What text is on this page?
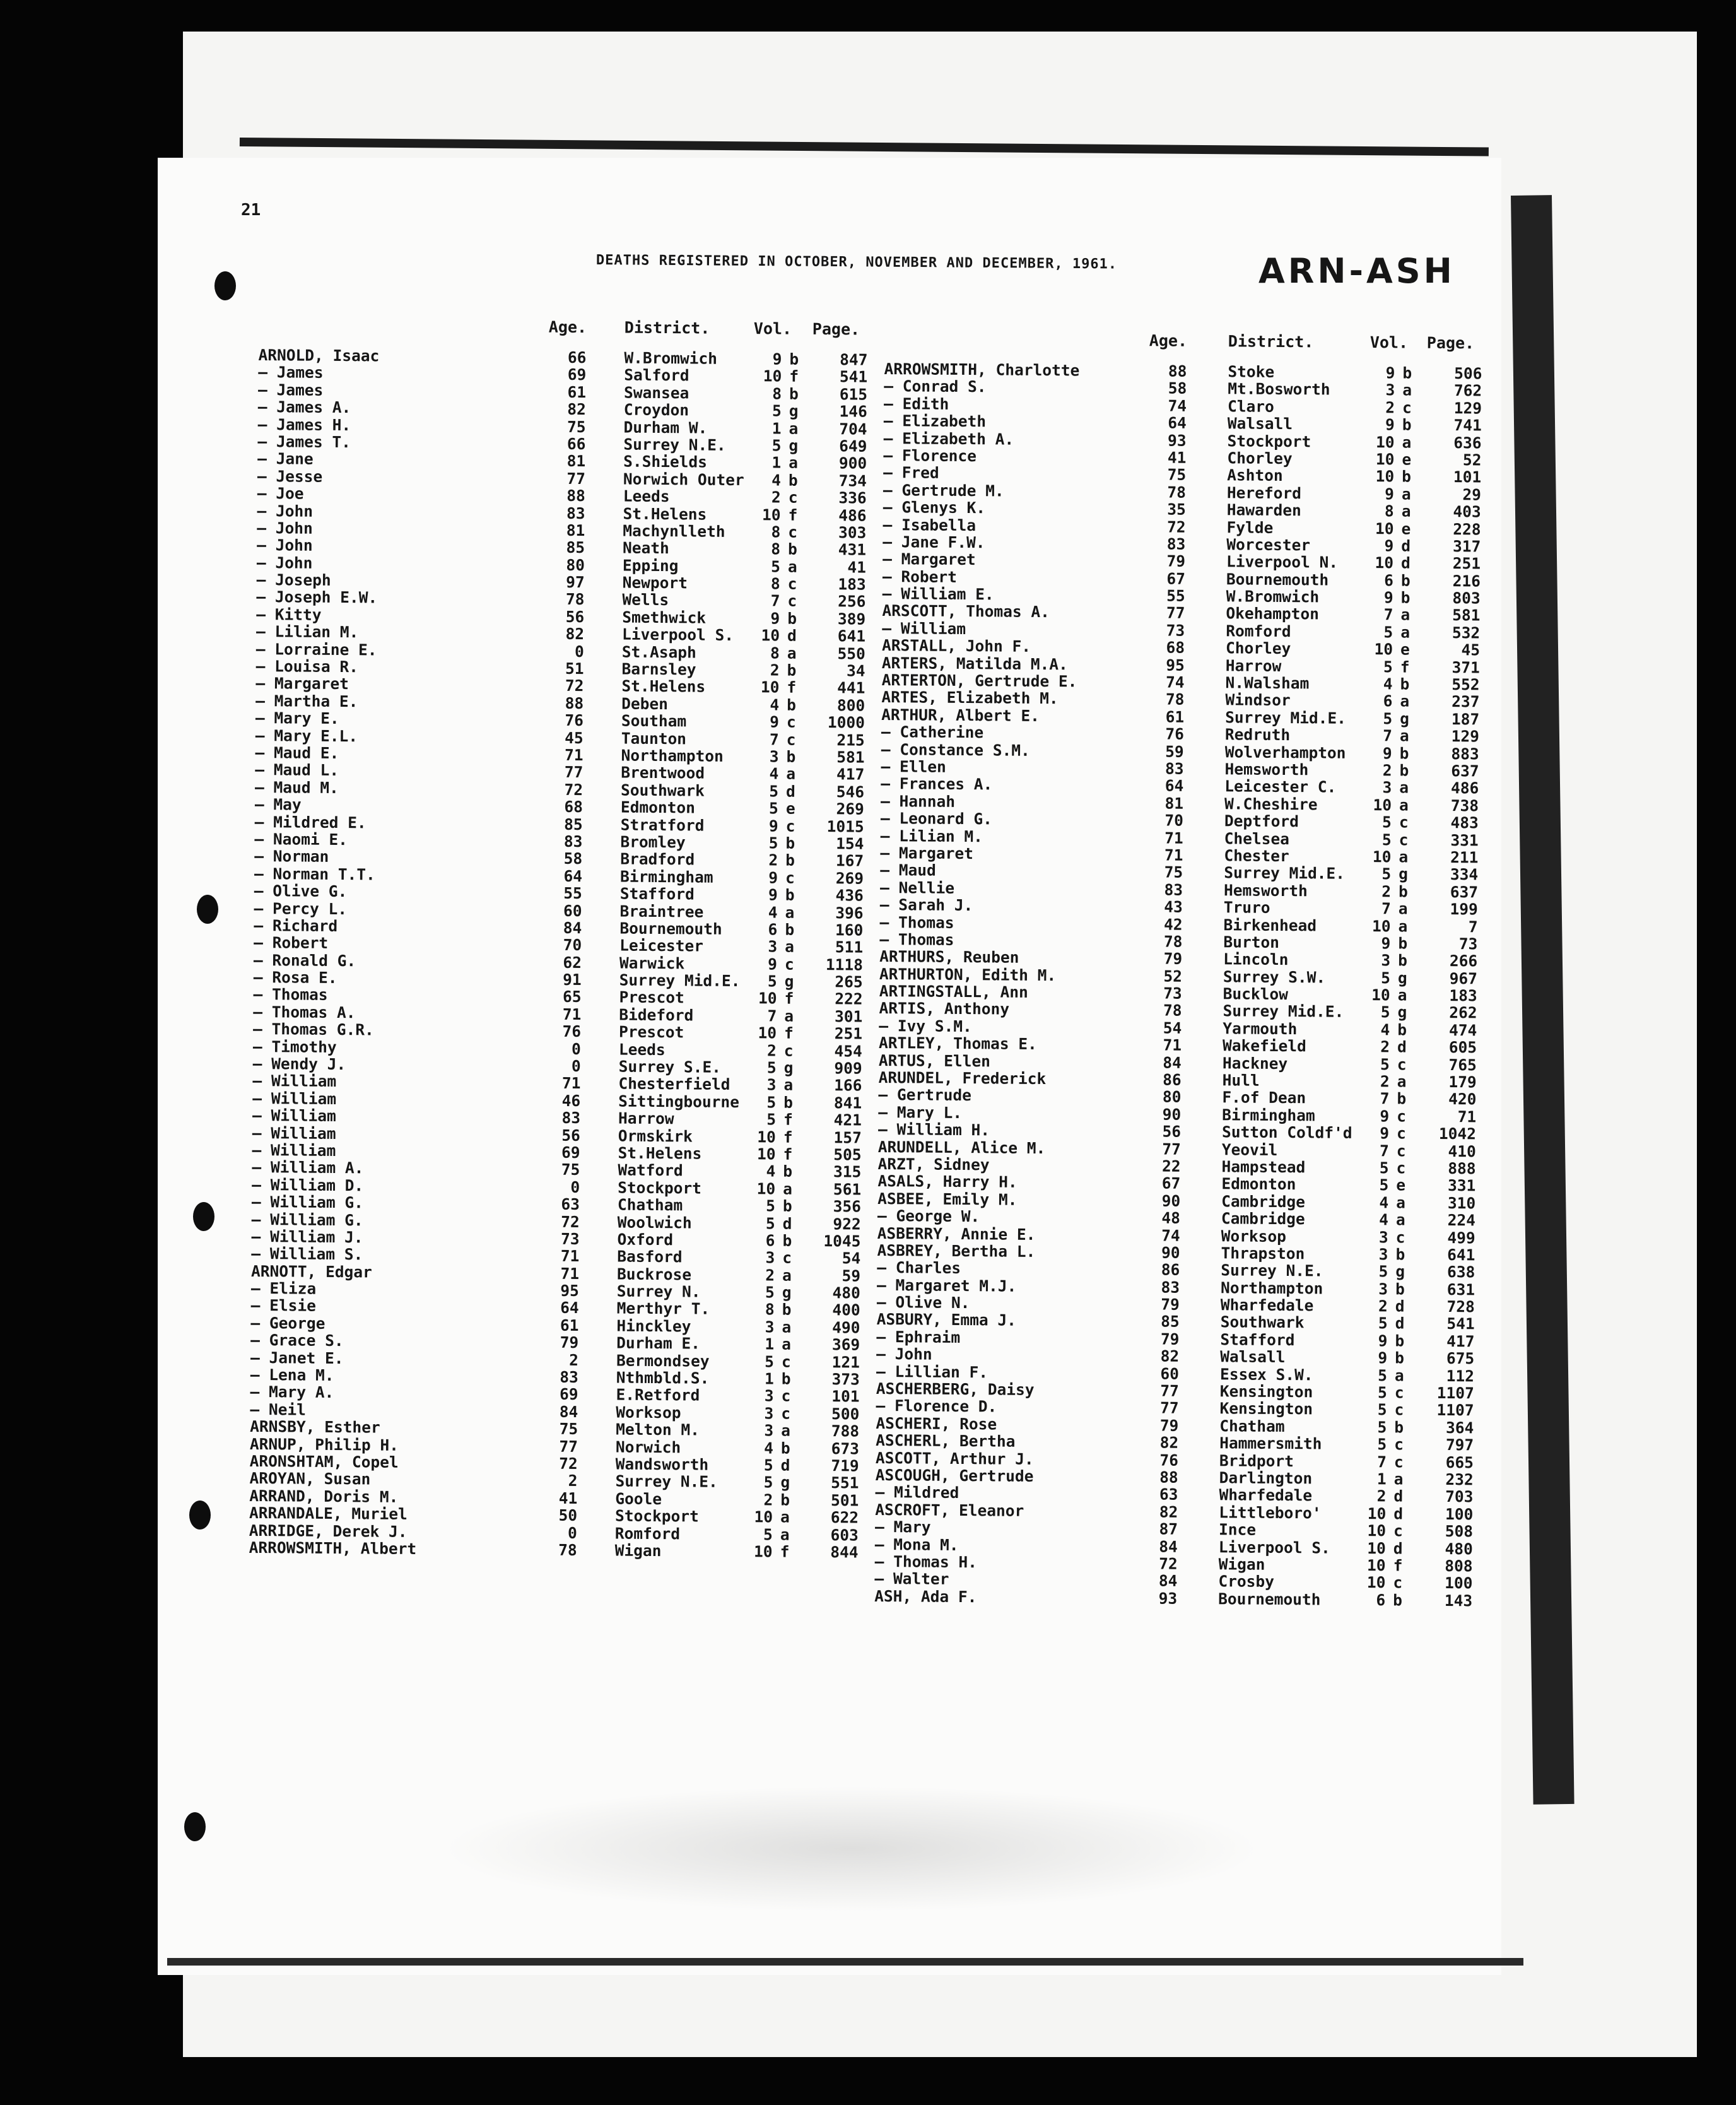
21
DEATHS REGISTERED IN OCTOBER, NOVEMBER AND DECEMBER, 1961.	ARN-ASH
Age. District.	Vol. Page.
ARNOLD, Isaac	66 W.Bromwich	9 b	847
— James	69 Salford	10 f	541
— James	61 Swansea	8 b	615
— James A.	82 Croydon	5 g	146
— James H.	75 Durham W.	1 a	704
— James T.	66 Surrey N.E.	5 g	649
— Jane	81 S.Shields	1 a	900
— Jesse	77 Norwich Outer	4 b	734
— Joe	88 Leeds	2 c	336
— John	83 St.Helens	10 f	486
— John	81 Machynlleth	8 c	303
— John	85 Neath	8 b	431
— John	80 Epping	5 a	41
— Joseph	97 Newport	8 c	183
— Joseph E.W.	78 Wells	7 c	256
— Kitty	56 Smethwick	9 b	389
— Lilian M.	82 Liverpool S.	10 d	641
— Lorraine E.	0 St.Asaph	8 a	550
— Louisa R.	51 Barnsley	2 b	34
— Margaret	72 St.Helens	10 f	441
— Martha E.	88 Deben	4 b	800
— Mary E.	76 Southam	9 c	1000
— Mary E.L.	45 Taunton	7 c	215
— Maud E.	71 Northampton	3 b	581
— Maud L.	77 Brentwood	4 a	417
— Maud M.	72 Southwark	5 d	546
— May	68 Edmonton	5 e	269
— Mildred E.	85 Stratford	9 c	1015
— Naomi E.	83 Bromley	5 b	154
— Norman	58 Bradford	2 b	167
— Norman T.T.	64 Birmingham	9 c	269
— Olive G.	55 Stafford	9 b	436
— Percy L.	60 Braintree	4 a	396
— Richard	84 Bournemouth	6 b	160
— Robert	70 Leicester	3 a	511
— Ronald G.	62 Warwick	9 c	1118
— Rosa E.	91 Surrey Mid.E.	5 g	265
— Thomas	65 Prescot	10 f	222
— Thomas A.	71 Bideford	7 a	301
— Thomas G.R.	76 Prescot	10 f	251
— Timothy	0 Leeds	2 c	454
— Wendy J.	0 Surrey S.E.	5 g	909
— William	71 Chesterfield	3 a	166
— William	46 Sittingbourne	5 b	841
— William	83 Harrow	5 f	421
— William	56 Ormskirk	10 f	157
— William	69 St.Helens	10 f	505
— William A.	75 Watford	4 b	315
— William D.	0 Stockport	10 a	561
— William G.	63 Chatham	5 b	356
— William G.	72 Woolwich	5 d	922
— William J.	73 Oxford	6 b	1045
— William S.	71 Basford	3 c	54
ARNOTT, Edgar	71 Buckrose	2 a	59
— Eliza	95 Surrey N.	5 g	480
— Elsie	64 Merthyr T.	8 b	400
— George	61 Hinckley	3 a	490
— Grace S.	79 Durham E.	1 a	369
— Janet E.	2 Bermondsey	5 c	121
— Lena M.	83 Nthmbld.S.	1 b	373
— Mary A.	69 E.Retford	3 c	101
— Neil	84 Worksop	3 c	500
ARNSBY, Esther	75 Melton M.	3 a	788
ARNUP, Philip H.	77 Norwich	4 b	673
ARONSHTAM, Copel	72 Wandsworth	5 d	719
AROYAN, Susan	2 Surrey N.E.	5 g	551
ARRAND, Doris M.	41 Goole	2 b	501
ARRANDALE, Muriel	50 Stockport	10 a	622
ARRIDGE, Derek J.	0 Romford	5 a	603
ARROWSMITH, Albert	78 Wigan	10 f	844
Age.	District.	Vol. Page.
ARROWSMITH, Charlotte	88	Stoke	9 b	506
— Conrad S.	58	Mt.Bosworth	3 a	762
— Edith	74	Claro	2 c	129
— Elizabeth	64	Walsall	9 b	741
— Elizabeth A.	93	Stockport	10 a	636
— Florence	41	Chorley	10 e	52
— Fred	75	Ashton	10 b	101
— Gertrude M.	78	Hereford	9 a	29
— Glenys K.	35	Hawarden	8 a	403
— Isabella	72	Fylde	10 e	228
— Jane F.W.	83	Worcester	9 d	317
— Margaret	79	Liverpool N.	10 d	251
— Robert	67	Bournemouth	6 b	216
— William E.	55	W.Bromwich	9 b	803
ARSCOTT, Thomas A.	77	Okehampton	7 a	581
— William	73	Romford	5 a	532
ARSTALL, John F.	68	Chorley	10 e	45
ARTERS, Matilda M.A.	95	Harrow	5 f	371
ARTERTON, Gertrude E.	74	N.Walsham	4 b	552
ARTES, Elizabeth M.	78	Windsor	6 a	237
ARTHUR, Albert E.	61	Surrey Mid.E.	5 g	187
— Catherine	76	Redruth	7 a	129
— Constance S.M.	59	Wolverhampton	9 b	883
— Ellen	83	Hemsworth	2 b	637
— Frances A.	64	Leicester C.	3 a	486
— Hannah	81	W.Cheshire	10 a	738
— Leonard G.	70	Deptford	5 c	483
— Lilian M.	71	Chelsea	5 c	331
— Margaret	71	Chester	10 a	211
— Maud	75	Surrey Mid.E.	5 g	334
— Nellie	83	Hemsworth	2 b	637
— Sarah J.	43	Truro	7 a	199
— Thomas	42	Birkenhead	10 a	7
— Thomas	78	Burton	9 b	73
ARTHURS, Reuben	79	Lincoln	3 b	266
ARTHURTON, Edith M.	52	Surrey S.W.	5 g	967
ARTINGSTALL, Ann	73	Bucklow	10 a	183
ARTIS, Anthony	78	Surrey Mid.E.	5 g	262
— Ivy S.M.	54	Yarmouth	4 b	474
ARTLEY, Thomas E.	71	Wakefield	2 d	605
ARTUS, Ellen	84	Hackney	5 c	765
ARUNDEL, Frederick	86	Hull	2 a	179
— Gertrude	80	F.of Dean	7 b	420
— Mary L.	90	Birmingham	9 c	71
— William H.	56	Sutton Coldf'd	9 c	1042
ARUNDELL, Alice M.	77	Yeovil	7 c	410
ARZT, Sidney	22	Hampstead	5 c	888
ASALS, Harry H.	67	Edmonton	5 e	331
ASBEE, Emily M.	90	Cambridge	4 a	310
— George W.	48	Cambridge	4 a	224
ASBERRY, Annie E.	74	Worksop	3 c	499
ASBREY, Bertha L.	90	Thrapston	3 b	641
— Charles	86	Surrey N.E.	5 g	638
— Margaret M.J.	83	Northampton	3 b	631
— Olive N.	79	Wharfedale	2 d	728
ASBURY, Emma J.	85	Southwark	5 d	541
— Ephraim	79	Stafford	9 b	417
— John	82	Walsall	9 b	675
— Lillian F.	60	Essex S.W.	5 a	112
ASCHERBERG, Daisy	77	Kensington	5 c	1107
— Florence D.	77	Kensington	5 c	1107
ASCHERI, Rose	79	Chatham	5 b	364
ASCHERL, Bertha	82	Hammersmith	5 c	797
ASCOTT, Arthur J.	76	Bridport	7 c	665
ASCOUGH, Gertrude	88	Darlington	1 a	232
— Mildred	63	Wharfedale	2 d	703
ASCROFT, Eleanor	82	Littleboro'	10 d	100
— Mary	87	Ince	10 c	508
— Mona M.	84	Liverpool S.	10 d	480
— Thomas H.	72	Wigan	10 f	808
— Walter	84	Crosby	10 c	100
ASH, Ada F.	93	Bournemouth	6 b	143
